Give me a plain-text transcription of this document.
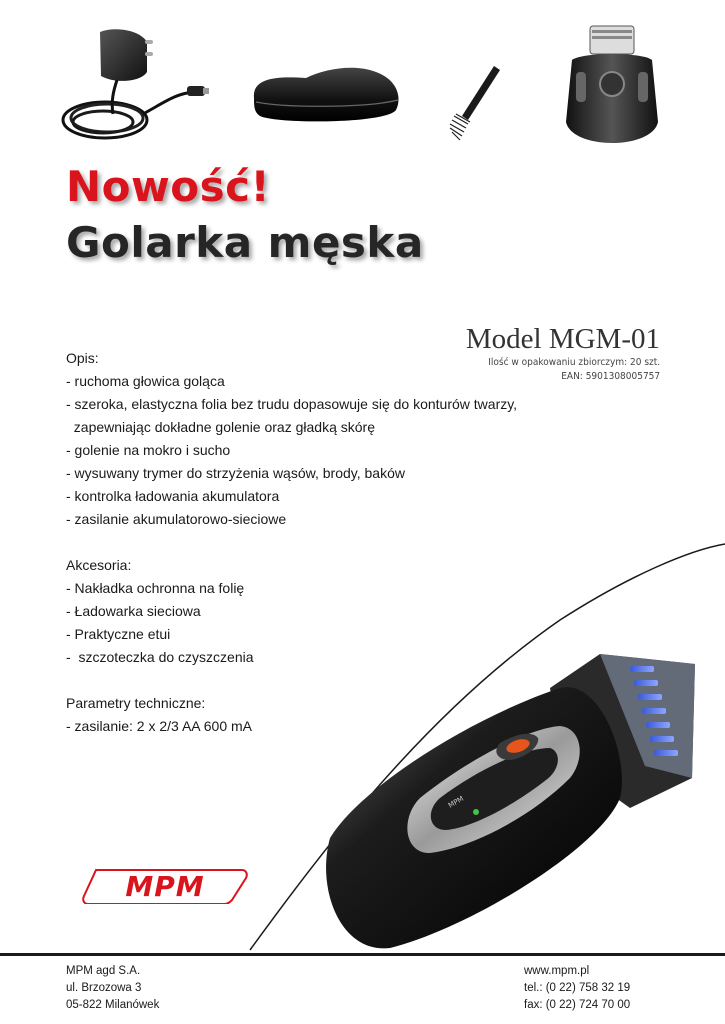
Nowość!
Golarka męska
Model MGM-01
Ilość w opakowaniu zbiorczym: 20 szt.
EAN: 5901308005757
Opis:
- ruchoma głowica goląca
- szeroka, elastyczna folia bez trudu dopasowuje się do konturów twarzy,
zapewniając dokładne golenie oraz gładką skórę
- golenie na mokro i sucho
- wysuwany trymer do strzyżenia wąsów, brody, baków
- kontrolka ładowania akumulatora
- zasilanie akumulatorowo-sieciowe
Akcesoria:
- Nakładka ochronna na folię
- Ładowarka sieciowa
- Praktyczne etui
-  szczoteczka do czyszczenia
Parametry techniczne:
- zasilanie: 2 x 2/3 AA 600 mA
MPM
MPM
MPM agd S.A.
ul. Brzozowa 3
05-822 Milanówek
www.mpm.pl
tel.: (0 22) 758 32 19
fax: (0 22) 724 70 00
